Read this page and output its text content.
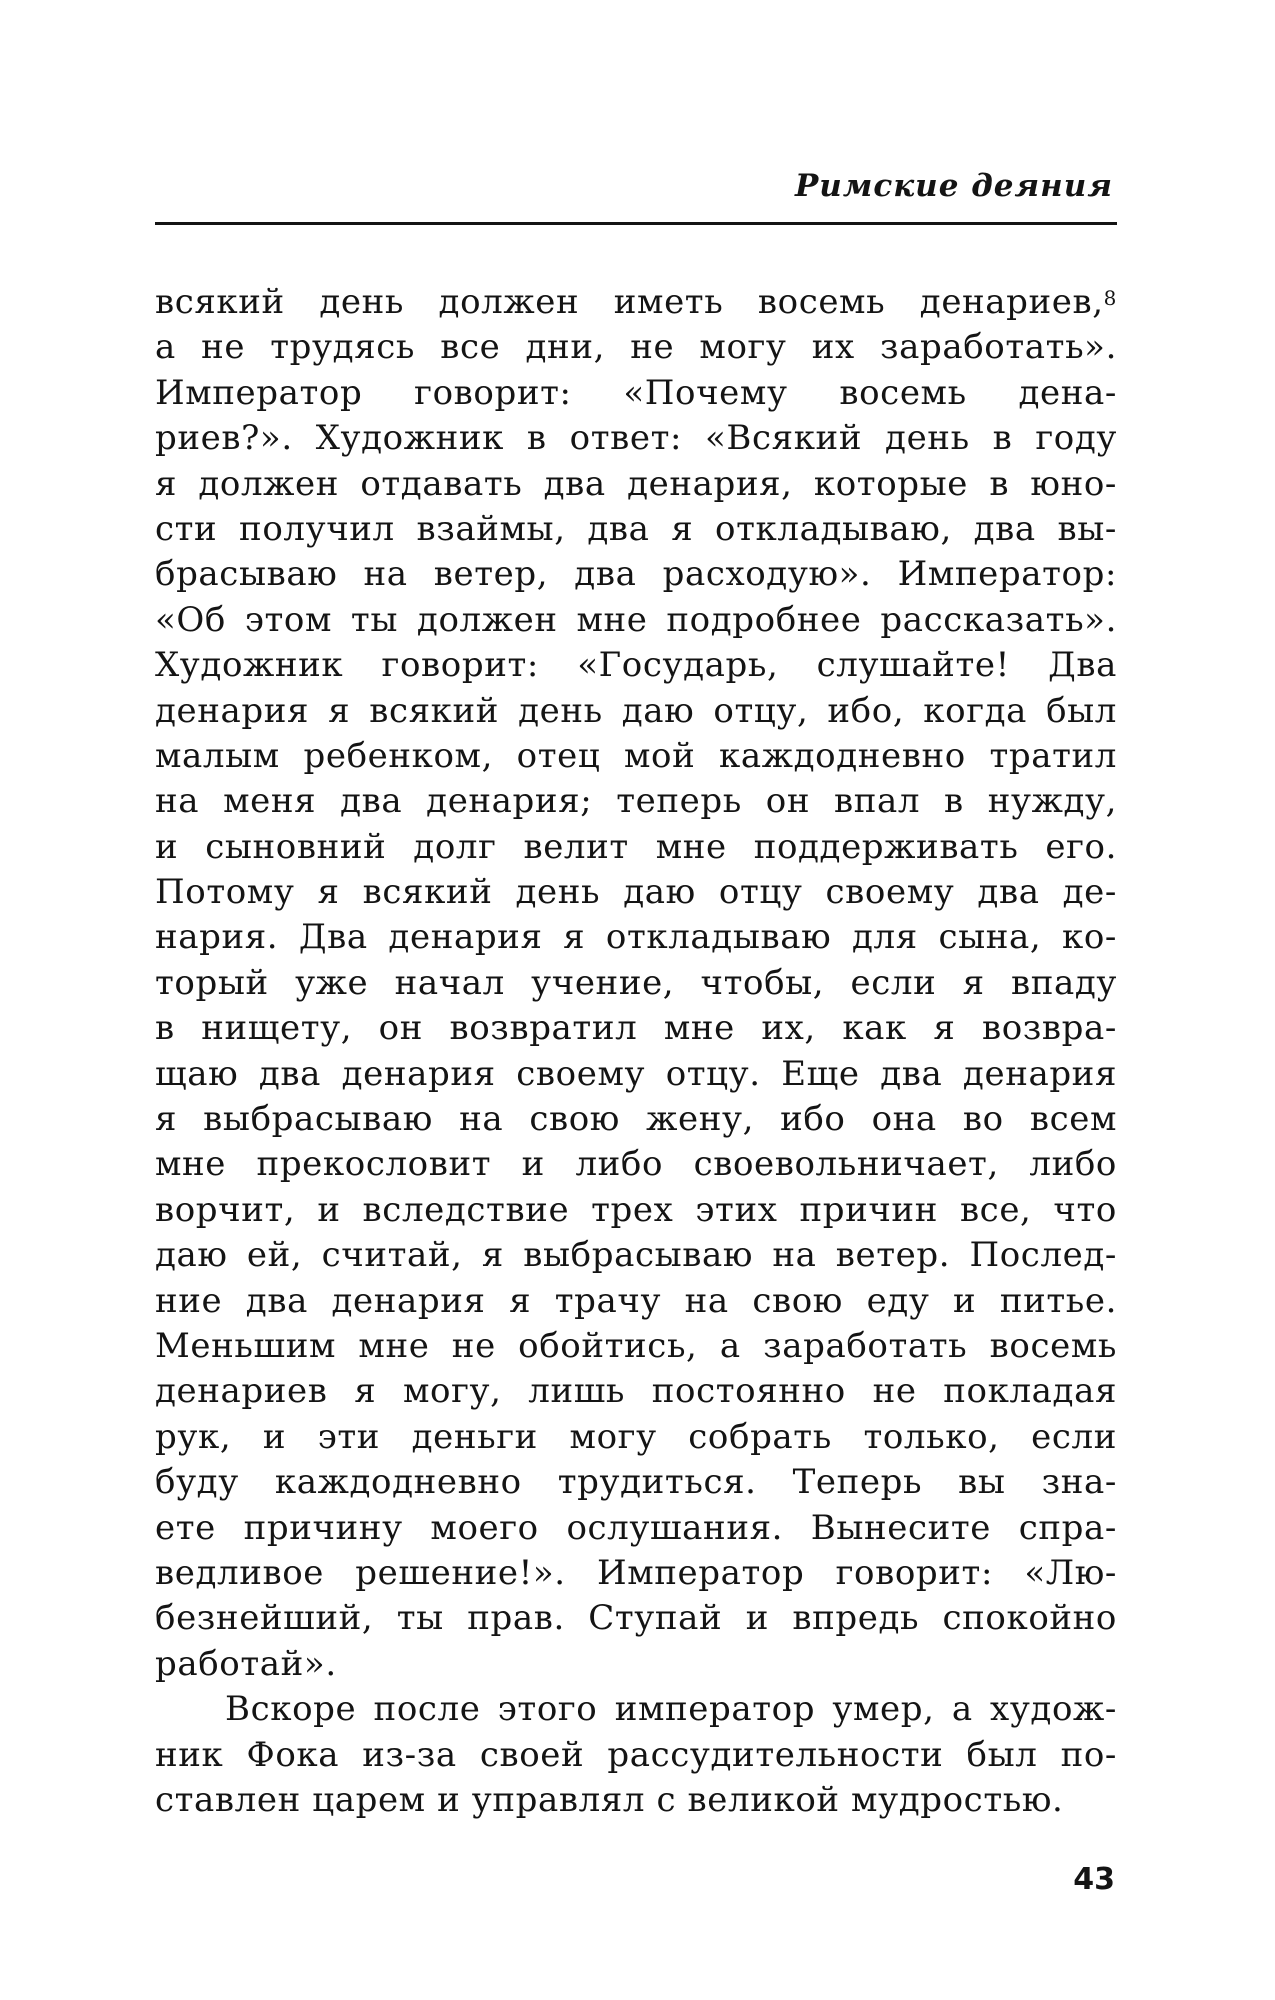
Римские деяния
всякий день должен иметь восемь денариев,$^8$
а не трудясь все дни, не могу их заработать».
Император говорит: «Почему восемь дена-
риев?». Художник в ответ: «Всякий день в году
я должен отдавать два денария, которые в юно-
сти получил взаймы, два я откладываю, два вы-
брасываю на ветер, два расходую». Император:
«Об этом ты должен мне подробнее рассказать».
Художник говорит: «Государь, слушайте! Два
денария я всякий день даю отцу, ибо, когда был
малым ребенком, отец мой каждодневно тратил
на меня два денария; теперь он впал в нужду,
и сыновний долг велит мне поддерживать его.
Потому я всякий день даю отцу своему два де-
нария. Два денария я откладываю для сына, ко-
торый уже начал учение, чтобы, если я впаду
в нищету, он возвратил мне их, как я возвра-
щаю два денария своему отцу. Еще два денария
я выбрасываю на свою жену, ибо она во всем
мне прекословит и либо своевольничает, либо
ворчит, и вследствие трех этих причин все, что
даю ей, считай, я выбрасываю на ветер. Послед-
ние два денария я трачу на свою еду и питье.
Меньшим мне не обойтись, а заработать восемь
денариев я могу, лишь постоянно не покладая
рук, и эти деньги могу собрать только, если
буду каждодневно трудиться. Теперь вы зна-
ете причину моего ослушания. Вынесите спра-
ведливое решение!». Император говорит: «Лю-
безнейший, ты прав. Ступай и впредь спокойно
работай».
Вскоре после этого император умер, а худож-
ник Фока из-за своей рассудительности был по-
ставлен царем и управлял с великой мудростью.
43
